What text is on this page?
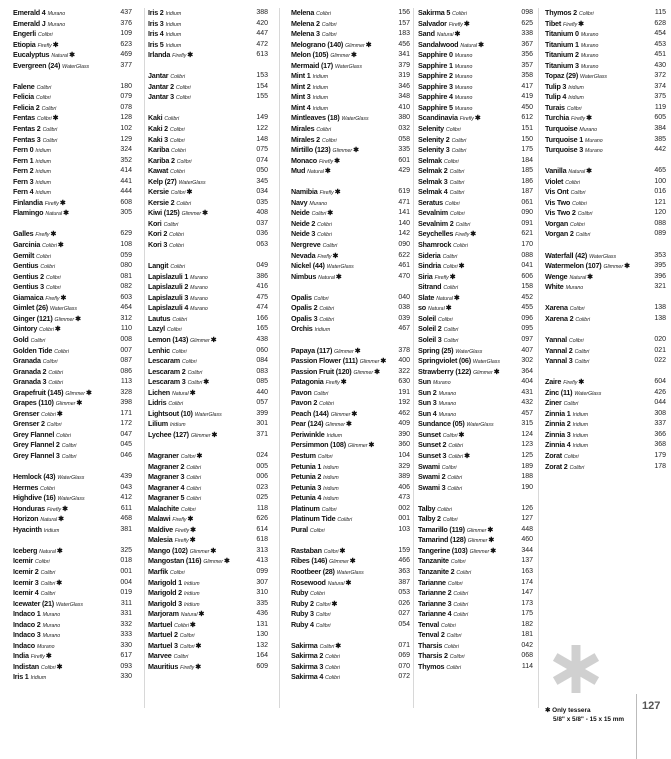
Emerald 4 Murano	437
Emerald J Murano	376
Engerli Colibri	109
Etiopia Firefly✱	623
Eucalyptus Natural✱	469
Evergreen (24) WaterGlass	377
Falene Colibri	180
Felicia Colibri	079
Felicia 2 Colibri	078
Fentas Colibri✱	128
Fentas 2 Colibri	102
Fentas 3 Colibri	129
Fern 0 Iridium	324
Fern 1 Iridium	352
Fern 2 Iridium	414
Fern 3 Iridium	441
Fern 4 Iridium	444
Finlandia Firefly✱	608
Flamingo Natural✱	305
Galles Firefly✱	629
Garcinia Colibri✱	108
Gemilt Colibri	059
Gentius Colibri	080
Gentius 2 Colibri	081
Gentius 3 Colibri	082
Giamaica Firefly✱	603
Gimlet (26) WaterGlass	464
Ginger (121) Glimmer✱	312
Gintory Colibri✱	110
Gold Colibri	008
Golden Tide Colibri	007
Granada Colibri	087
Granada 2 Colibri	086
Granada 3 Colibri	113
Grapefruit (145) Glimmer✱	328
Grapes (110) Glimmer✱	398
Grenser Colibri✱	171
Grenser 2 Colibri	172
Grey Flannel Colibri	047
Grey Flannel 2 Colibri	045
Grey Flannel 3 Colibri	046
Hemlock (43) WaterGlass	439
Hermes Colibri	043
Highdive (16) WaterGlass	412
Honduras Firefly✱	611
Horizon Natural✱	468
Hyacinth Iridium	381
Iceberg Natural✱	325
Icemir Colibri	018
Icemir 2 Colibri	001
Icemir 3 Colibri✱	004
Icemir 4 Colibri	019
Icewater (21) WaterGlass	311
Indaco 1 Murano	331
Indaco 2 Murano	332
Indaco 3 Murano	333
Indaco Murano	330
India Firefly✱	617
Indistan Colibri✱	093
Iris 1 Iridium	330
Iris 2 Iridium	388
Iris 3 Iridium	420
Iris 4 Iridium	447
Iris 5 Iridium	472
Irlanda Firefly✱	613
Jantar Colibri	153
Jantar 2 Colibri	154
Jantar 3 Colibri	155
Kaki Colibri	149
Kaki 2 Colibri	122
Kaki 3 Colibri	148
Kariba Colibri	075
Kariba 2 Colibri	074
Kawat Colibri	050
Kelp (27) WaterGlass	345
Kersie Colibri✱	034
Kersie 2 Colibri	035
Kiwi (125) Glimmer✱	408
Kori Colibri	037
Kori 2 Colibri	036
Kori 3 Colibri	063
Langit Colibri	049
Lapislazuli 1 Murano	386
Lapislazuli 2 Murano	416
Lapislazuli 3 Murano	475
Lapislazuli 4 Murano	474
Lautus Colibri	166
Lazyl Colibri	165
Lemon (143) Glimmer✱	438
Lenhic Colibri	060
Lescaram Colibri	084
Lescaram 2 Colibri	083
Lescaram 3 Colibri✱	085
Lichen Natural✱	440
Lidris Colibri	057
Lightsout (10) WaterGlass	399
Lilium Iridium	301
Lychee (127) Glimmer✱	371
Magraner Colibri✱	024
Magraner 2 Colibri	005
Magraner 3 Colibri	006
Magraner 4 Colibri	023
Magraner 5 Colibri	025
Malachite Colibri	118
Malawi Firefly✱	626
Maldive Firefly✱	614
Malesia Firefly✱	618
Mango (102) Glimmer✱	313
Mangostan (116) Glimmer✱	413
Marfik Colibri	099
Marigold 1 Iridium	307
Marigold 2 Iridium	310
Marigold 3 Iridium	335
Marjoram Natural✱	436
Martuel Colibri✱	131
Martuel 2 Colibri	130
Martuel 3 Colibri✱	132
Marvee Colibri	164
Mauritius Firefly✱	609
Melena Colibri	156
Melena 2 Colibri	157
Melena 3 Colibri	183
Melograno (140) Glimmer✱	456
Melon (105) Glimmer✱	341
Mermaid (17) WaterGlass	379
Mint 1 Iridium	319
Mint 2 Iridium	346
Mint 3 Iridium	348
Mint 4 Iridium	410
Mintleaves (18) WaterGlass	380
Mirales Colibri	032
Mirales 2 Colibri	058
Mirtillo (123) Glimmer✱	335
Monaco Firefly✱	601
Mud Natural✱	429
Namibia Firefly✱	619
Navy Murano	471
Neide Colibri✱	141
Neide 2 Colibri	140
Neide 3 Colibri	142
Nergreve Colibri	090
Nevada Firefly✱	622
Nickel (44) WaterGlass	461
Nimbus Natural✱	470
Opalis Colibri	040
Opalis 2 Colibri	038
Opalis 3 Colibri	039
Orchis Iridium	467
Papaya (117) Glimmer✱	378
Passion Flower (111) Glimmer✱ 400
Passion Fruit (120) Glimmer✱	322
Patagonia Firefly✱	630
Pavon Colibri	191
Pavon 2 Colibri	192
Peach (144) Glimmer✱	462
Pear (124) Glimmer✱	409
Periwinkle Iridium	390
Persimmon (108) Glimmer✱	360
Pestum Colibri	104
Petunia 1 Iridium	329
Petunia 2 Iridium	389
Petunia 3 Iridium	406
Petunia 4 Iridium	473
Platinum Colibri	002
Platinum Tide Colibri	001
Pural Colibri	103
Rastaban Colibri✱	159
Ribes (146) Glimmer✱	466
Rootbeer (28) WaterGlass	363
Rosewood Natural✱	387
Ruby Colibri	053
Ruby 2 Colibri✱	026
Ruby 3 Colibri	027
Ruby 4 Colibri	054
Sakirma Colibri✱	071
Sakirma 2 Colibri	069
Sakirma 3 Colibri	070
Sakirma 4 Colibri	072
Sakirma 5 Colibri	098
Salvador Firefly✱	625
Sand Natural✱	338
Sandalwood Natural✱	367
Sapphire 0 Murano	356
Sapphire 1 Murano	357
Sapphire 2 Murano	358
Sapphire 3 Murano	417
Sapphire 4 Murano	419
Sapphire 5 Murano	450
Scandinavia Firefly✱	612
Selenity Colibri	151
Selenity 2 Colibri	150
Selenity 3 Colibri	175
Selmak Colibri	184
Selmak 2 Colibri	185
Selmak 3 Colibri	186
Selmak 4 Colibri	187
Seratus Colibri	061
Sevalnim Colibri	090
Sevalnim 2 Colibri	091
Seychelles Firefly✱	621
Shamrock Colibri	170
Sideria Colibri	088
Sindria Colibri✱	041
Siria Firefly✱	606
Sitrand Colibri	158
Slate Natural✱	452
so Natural✱	455
Soleil Colibri	096
Soleil 2 Colibri	095
Soleil 3 Colibri	097
Spring (25) WaterGlass	407
Springviolet (06) WaterGlass	302
Strawberry (122) Glimmer✱	364
Sun Murano	404
Sun 2 Murano	431
Sun 3 Murano	432
Sun 4 Murano	457
Sundance (05) WaterGlass	315
Sunset Colibri✱	124
Sunset 2 Colibri	123
Sunset 3 Colibri✱	125
Swami Colibri	189
Swami 2 Colibri	188
Swami 3 Colibri	190
Talby Colibri	126
Talby 2 Colibri	127
Tamarillo (119) Glimmer✱	448
Tamarind (128) Glimmer✱	460
Tangerine (103) Glimmer✱	344
Tanzanite Colibri	137
Tanzanite 2 Colibri	163
Tarianne Colibri	174
Tarianne 2 Colibri	147
Tarianne 3 Colibri	173
Tarianne 4 Colibri	175
Tenval Colibri	182
Tenval 2 Colibri	181
Tharsis Colibri	042
Tharsis 2 Colibri	068
Thymos Colibri	114
Thymos 2 Colibri	115
Tibet Firefly✱	628
Titanium 0 Murano	454
Titanium 1 Murano	453
Titanium 2 Murano	451
Titanium 3 Murano	430
Topaz (29) WaterGlass	372
Tulip 3 Iridium	374
Tulip 4 Iridium	375
Turais Colibri	119
Turchia Firefly✱	605
Turquoise Murano	384
Turquoise 1 Murano	385
Turquoise 3 Murano	442
Vanilla Natural✱	465
Violet Colibri	100
Vis Ont Colibri	016
Vis Two Colibri	121
Vis Two 2 Colibri	120
Vorgan Colibri	088
Vorgan 2 Colibri	089
Waterfall (42) WaterGlass	353
Watermelon (107) Glimmer✱	395
Wenge Natural✱	396
White Murano	321
Xarena Colibri	138
Xarena 2 Colibri	138
Yannal Colibri	020
Yannal 2 Colibri	021
Yannal 3 Colibri	022
Zaire Firefly✱	604
Zinc (11) WaterGlass	426
Ziner Colibri	044
Zinnia 1 Iridium	308
Zinnia 2 Iridium	337
Zinnia 3 Iridium	366
Zinnia 4 Iridium	368
Zorat Colibri	179
Zorat 2 Colibri	178
✱ Only tessera
5/8" x 5/8" - 15 x 15 mm
127
